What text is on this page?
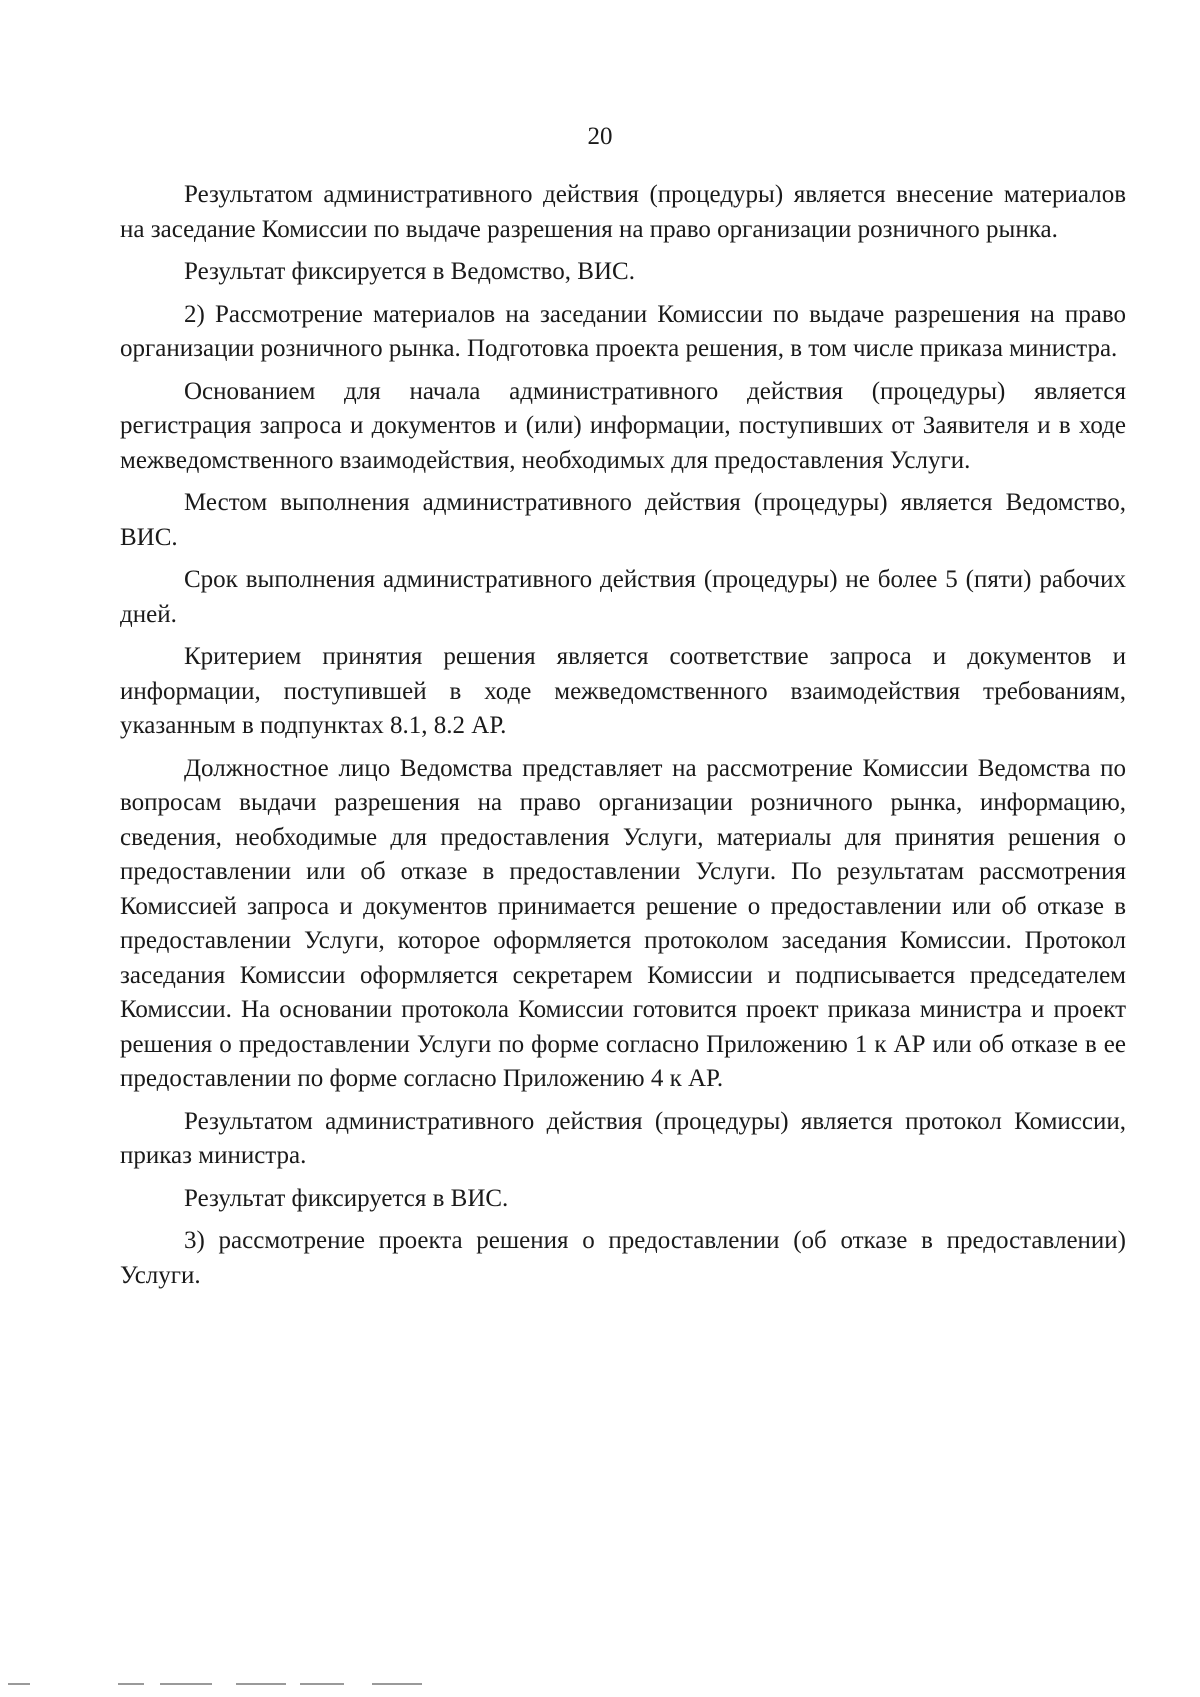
20

Результатом административного действия (процедуры) является внесение материалов на заседание Комиссии по выдаче разрешения на право организации розничного рынка.

Результат фиксируется в Ведомство, ВИС.

2) Рассмотрение материалов на заседании Комиссии по выдаче разрешения на право организации розничного рынка. Подготовка проекта решения, в том числе приказа министра.

Основанием для начала административного действия (процедуры) является регистрация запроса и документов и (или) информации, поступивших от Заявителя и в ходе межведомственного взаимодействия, необходимых для предоставления Услуги.

Местом выполнения административного действия (процедуры) является Ведомство, ВИС.

Срок выполнения административного действия (процедуры) не более 5 (пяти) рабочих дней.

Критерием принятия решения является соответствие запроса и документов и информации, поступившей в ходе межведомственного взаимодействия требованиям, указанным в подпунктах 8.1, 8.2 АР.

Должностное лицо Ведомства представляет на рассмотрение Комиссии Ведомства по вопросам выдачи разрешения на право организации розничного рынка, информацию, сведения, необходимые для предоставления Услуги, материалы для принятия решения о предоставлении или об отказе в предоставлении Услуги. По результатам рассмотрения Комиссией запроса и документов принимается решение о предоставлении или об отказе в предоставлении Услуги, которое оформляется протоколом заседания Комиссии. Протокол заседания Комиссии оформляется секретарем Комиссии и подписывается председателем Комиссии. На основании протокола Комиссии готовится проект приказа министра и проект решения о предоставлении Услуги по форме согласно Приложению 1 к АР или об отказе в ее предоставлении по форме согласно Приложению 4 к АР.

Результатом административного действия (процедуры) является протокол Комиссии, приказ министра.

Результат фиксируется в ВИС.

3) рассмотрение проекта решения о предоставлении (об отказе в предоставлении) Услуги.
